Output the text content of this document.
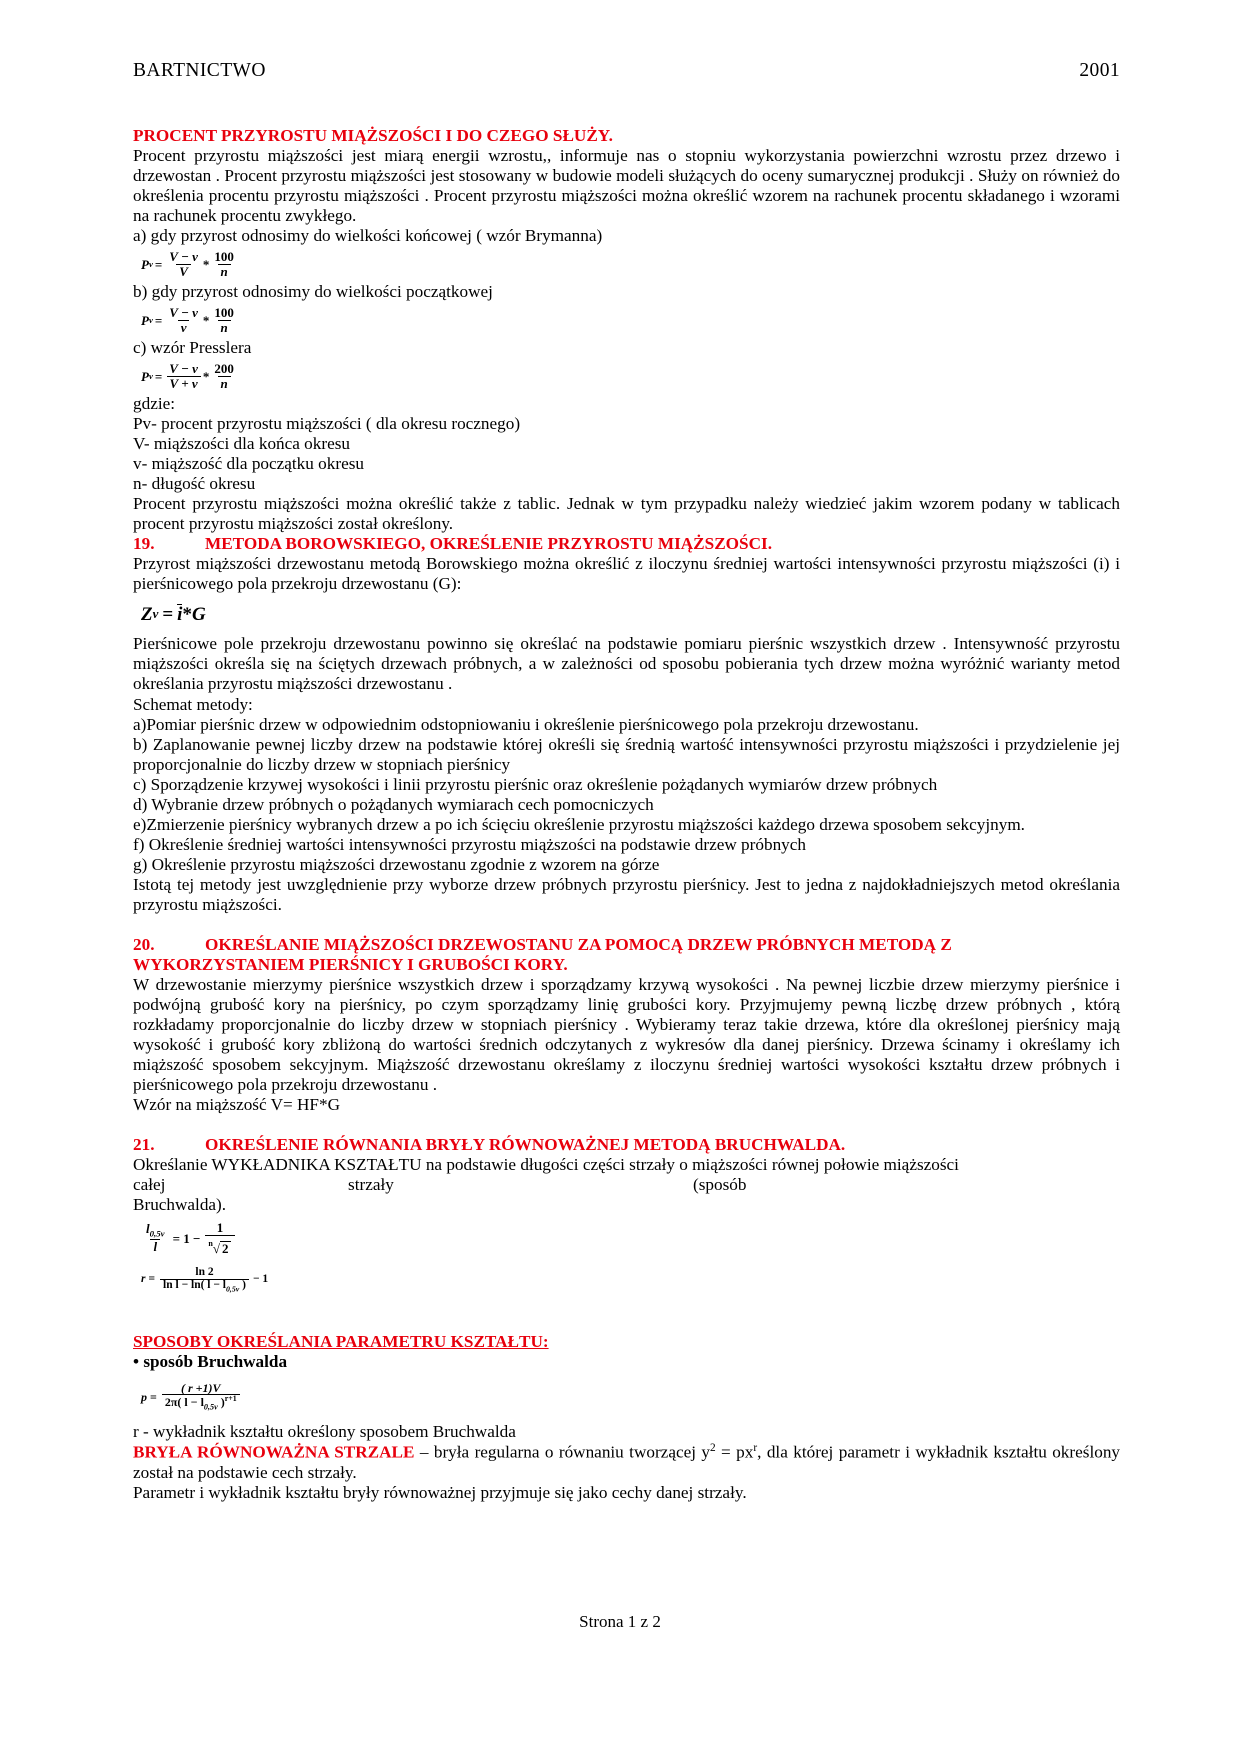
BARTNICTWO	2001
PROCENT PRZYROSTU MIĄŻSZOŚCI I DO CZEGO SŁUŻY.

Procent przyrostu miąższości jest miarą energii wzrostu,, informuje nas o stopniu wykorzystania powierzchni wzrostu przez drzewo i drzewostan . Procent przyrostu miąższości jest stosowany w budowie modeli służących do oceny sumarycznej produkcji . Służy on również do określenia procentu przyrostu miąższości . Procent przyrostu miąższości można określić wzorem na rachunek procentu składanego i wzorami na rachunek procentu zwykłego.

a) gdy przyrost odnosimy do wielkości końcowej ( wzór Brymanna)

P $v = \frac{V - v}{V} * \frac{100}{n}$

b) gdy przyrost odnosimy do wielkości początkowej

P $v = \frac{V - v}{v} * \frac{100}{n}$

c) wzór Presslera

P $v = \frac{V - v}{V + v} * \frac{200}{n}$

gdzie:

Pv- procent przyrostu miąższości ( dla okresu rocznego)

V- miąższości dla końca okresu

v- miąższość dla początku okresu

n- długość okresu

Procent przyrostu miąższości można określić także z tablic. Jednak w tym przypadku należy wiedzieć jakim wzorem podany w tablicach procent przyrostu miąższości został określony.

19.	METODA BOROWSKIEGO, OKREŚLENIE PRZYROSTU MIĄŻSZOŚCI.

Przyrost miąższości drzewostanu metodą Borowskiego można określić z iloczynu średniej wartości intensywności przyrostu miąższości (i) i pierśnicowego pola przekroju drzewostanu (G):

Z v = i * G

Pierśnicowe pole przekroju drzewostanu powinno się określać na podstawie pomiaru pierśnic wszystkich drzew . Intensywność przyrostu miąższości określa się na ściętych drzewach próbnych, a w zależności od sposobu pobierania tych drzew można wyróżnić warianty metod określania przyrostu miąższości drzewostanu .

Schemat metody:

a)Pomiar pierśnic drzew w odpowiednim odstopniowaniu i określenie pierśnicowego pola przekroju drzewostanu.

b) Zaplanowanie pewnej liczby drzew na podstawie której określi się średnią wartość intensywności przyrostu miąższości i przydzielenie jej proporcjonalnie do liczby drzew w stopniach pierśnicy

c) Sporządzenie krzywej wysokości i linii przyrostu pierśnic oraz określenie pożądanych wymiarów drzew próbnych

d) Wybranie drzew próbnych o pożądanych wymiarach cech pomocniczych

e)Zmierzenie pierśnicy wybranych drzew a po ich ścięciu określenie przyrostu miąższości każdego drzewa sposobem sekcyjnym.

f) Określenie średniej wartości intensywności przyrostu miąższości na podstawie drzew próbnych

g) Określenie przyrostu miąższości drzewostanu zgodnie z wzorem na górze

Istotą tej metody jest uwzględnienie przy wyborze drzew próbnych przyrostu pierśnicy. Jest to jedna z najdokładniejszych metod określania przyrostu miąższości.

20.	OKREŚLANIE MIĄŻSZOŚCI DRZEWOSTANU ZA POMOCĄ DRZEW PRÓBNYCH METODĄ Z
WYKORZYSTANIEM PIERŚNICY I GRUBOŚCI KORY.

W drzewostanie mierzymy pierśnice wszystkich drzew i sporządzamy krzywą wysokości . Na pewnej liczbie drzew mierzymy pierśnice i podwójną grubość kory na pierśnicy, po czym sporządzamy linię grubości kory. Przyjmujemy pewną liczbę drzew próbnych , którą rozkładamy proporcjonalnie do liczby drzew w stopniach pierśnicy . Wybieramy teraz takie drzewa, które dla określonej pierśnicy mają wysokość i grubość kory zbliżoną do wartości średnich odczytanych z wykresów dla danej pierśnicy. Drzewa ścinamy i określamy ich miąższość sposobem sekcyjnym. Miąższość drzewostanu określamy z iloczynu średniej wartości wysokości kształtu drzew próbnych i pierśnicowego pola przekroju drzewostanu .

Wzór na miąższość V= HF*G

21.	OKREŚLENIE RÓWNANIA BRYŁY RÓWNOWAŻNEJ METODĄ BRUCHWALDA.

Określanie WYKŁADNIKA KSZTAŁTU na podstawie długości części strzały o miąższości równej połowie miąższości

całej	strzały	(sposób

Bruchwalda).

$\frac{l_{0,5v}}{l} = 1 - \frac{1}{n √ 2}$
$r = \frac{\ln 2}{\ln l - \ln( l - l_{0,5v} )} - 1$
SPOSOBY OKREŚLANIA PARAMETRU KSZTAŁTU:

• sposób Bruchwalda

$p = \frac{( r +1)V}{2\pi( l - l_{0,5v} )^{r+1}}$

r - wykładnik kształtu określony sposobem Bruchwalda

BRYŁA RÓWNOWAŻNA STRZALE – bryła regularna o równaniu tworzącej $y^2 = px^r$, dla której parametr i wykładnik kształtu określony został na podstawie cech strzały.

Parametr i wykładnik kształtu bryły równoważnej przyjmuje się jako cechy danej strzały.

Strona 1 z 2
